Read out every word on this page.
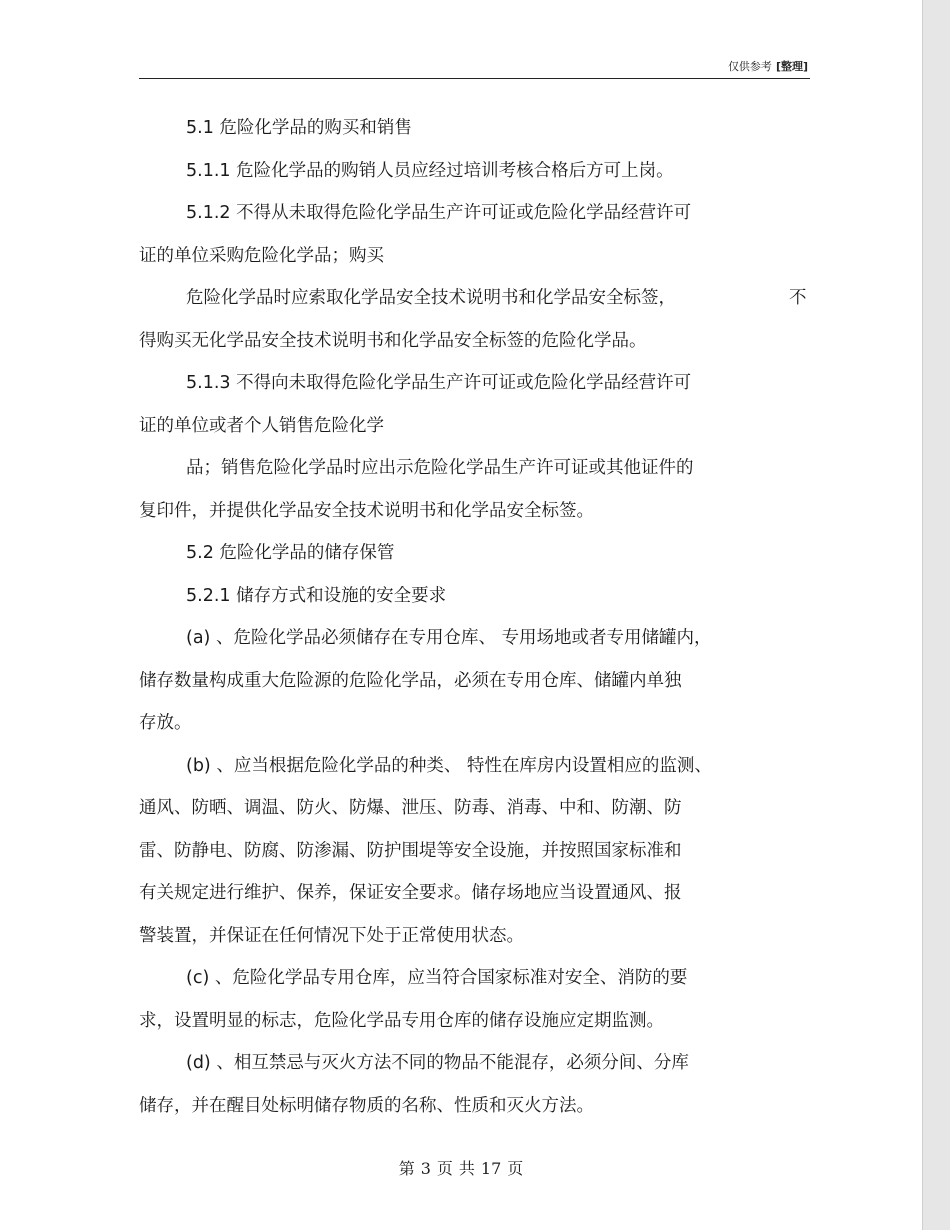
仅供参考 [整理]
5.1 危险化学品的购买和销售
5.1.1 危险化学品的购销人员应经过培训考核合格后方可上岗。
5.1.2 不得从未取得危险化学品生产许可证或危险化学品经营许可
证的单位采购危险化学品；购买
危险化学品时应索取化学品安全技术说明书和化学品安全标签，	不
得购买无化学品安全技术说明书和化学品安全标签的危险化学品。
5.1.3 不得向未取得危险化学品生产许可证或危险化学品经营许可
证的单位或者个人销售危险化学
品；销售危险化学品时应出示危险化学品生产许可证或其他证件的
复印件，并提供化学品安全技术说明书和化学品安全标签。
5.2 危险化学品的储存保管
5.2.1 储存方式和设施的安全要求
(a) 、危险化学品必须储存在专用仓库、 专用场地或者专用储罐内，
储存数量构成重大危险源的危险化学品，必须在专用仓库、储罐内单独
存放。
(b) 、应当根据危险化学品的种类、 特性在库房内设置相应的监测、
通风、防晒、调温、防火、防爆、泄压、防毒、消毒、中和、防潮、防
雷、防静电、防腐、防渗漏、防护围堤等安全设施，并按照国家标准和
有关规定进行维护、保养，保证安全要求。储存场地应当设置通风、报
警装置，并保证在任何情况下处于正常使用状态。
(c) 、危险化学品专用仓库，应当符合国家标准对安全、消防的要
求，设置明显的标志，危险化学品专用仓库的储存设施应定期监测。
(d) 、相互禁忌与灭火方法不同的物品不能混存，必须分间、分库
储存，并在醒目处标明储存物质的名称、性质和灭火方法。
第 3 页 共 17 页
